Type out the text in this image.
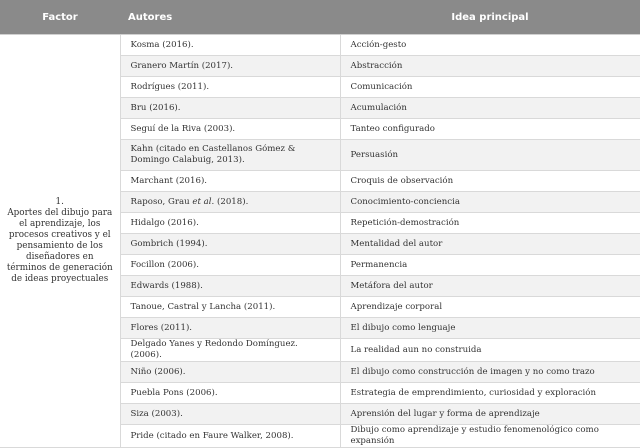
Factor	Autores	Idea principal

1.
Aportes del dibujo para el aprendizaje, los procesos creativos y el pensamiento de los diseñadores en términos de generación de ideas proyectuales	Kosma (2016).	Acción-gesto
	Granero Martín (2017).	Abstracción
	Rodrígues (2011).	Comunicación
	Bru (2016).	Acumulación
	Seguí de la Riva (2003).	Tanteo configurado
	Kahn (citado en Castellanos Gómez & Domingo Calabuig, 2013).	Persuasión
	Marchant (2016).	Croquis de observación
	Raposo, Grau et al. (2018).	Conocimiento-conciencia
	Hidalgo (2016).	Repetición-demostración
	Gombrich (1994).	Mentalidad del autor
	Focillon (2006).	Permanencia
	Edwards (1988).	Metáfora del autor
	Tanoue, Castral y Lancha (2011).	Aprendizaje corporal
	Flores (2011).	El dibujo como lenguaje
	Delgado Yanes y Redondo Domínguez. (2006).	La realidad aun no construida
	Niño (2006).	El dibujo como construcción de imagen y no como trazo
	Puebla Pons (2006).	Estrategia de emprendimiento, curiosidad y exploración
	Siza (2003).	Aprensión del lugar y forma de aprendizaje
	Pride (citado en Faure Walker, 2008).	Dibujo como aprendizaje y estudio fenomenológico como expansión
